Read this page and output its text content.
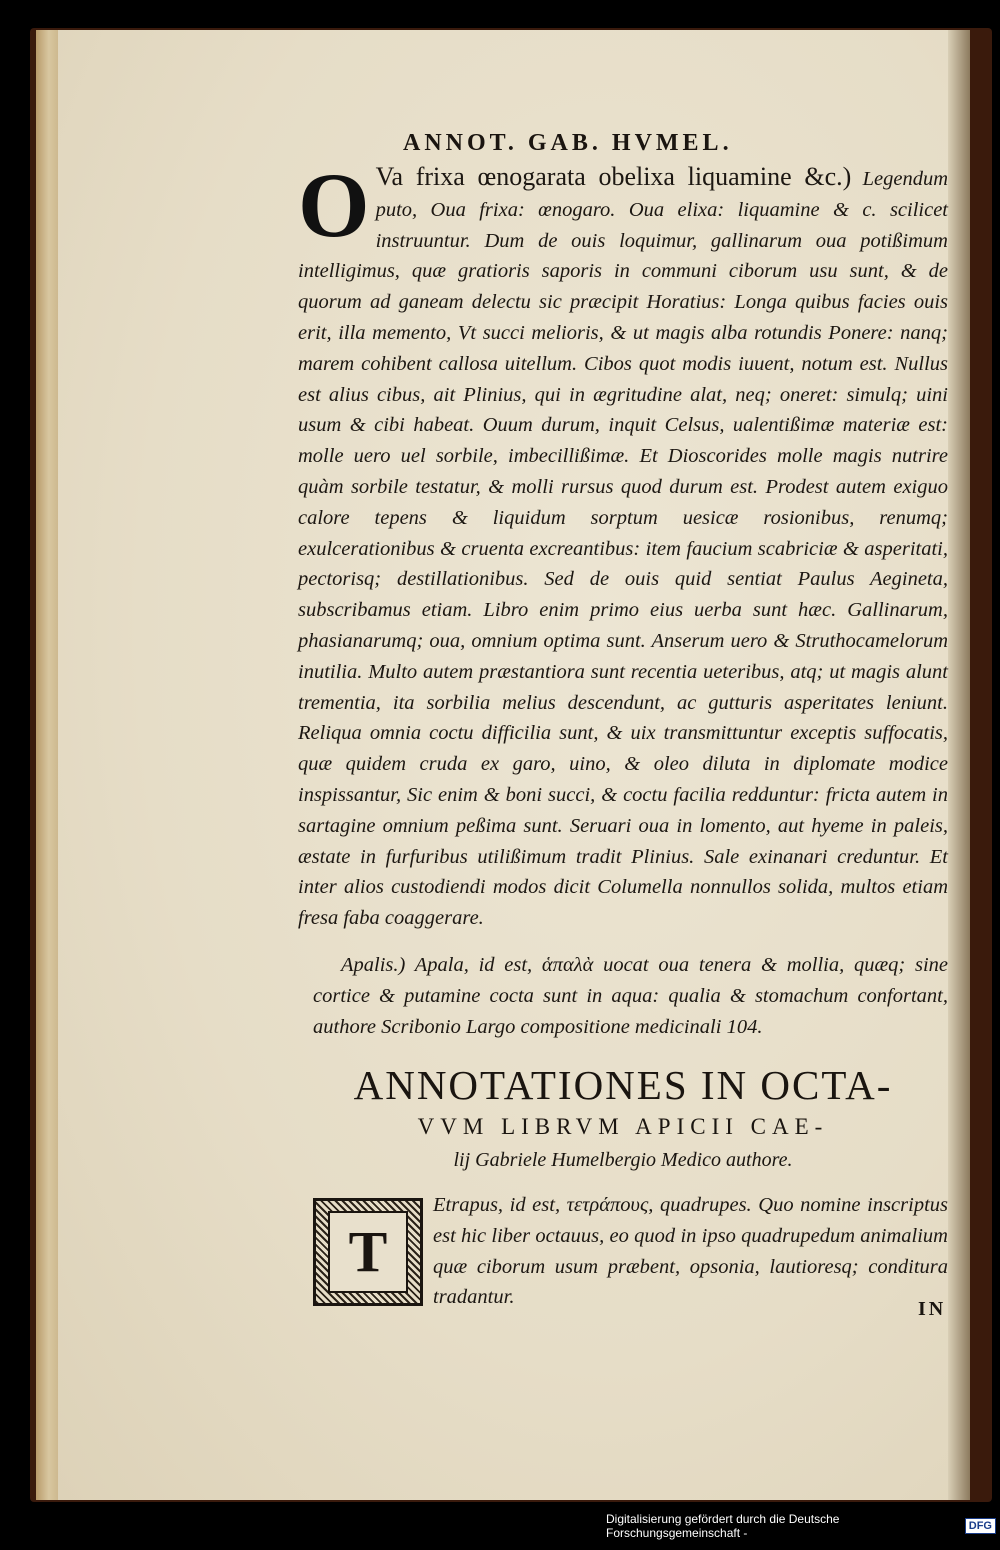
ANNOT. GAB. HVMEL.
O Va frixa œnogarata obelixa liquamine &c.) Legendum puto, Oua frixa: œnogaro. Oua elixa: liquamine & c. scilicet instruuntur. Dum de ouis loquimur, gallinarum oua potißimum intelligimus, quæ gratioris saporis in communi ciborum usu sunt, & de quorum ad ganeam delectu sic præcipit Horatius: Longa quibus facies ouis erit, illa memento, Vt succi melioris, & ut magis alba rotundis Ponere: nanq; marem cohibent callosa uitellum. Cibos quot modis iuuent, notum est. Nullus est alius cibus, ait Plinius, qui in ægritudine alat, neq; oneret: simulq; uini usum & cibi habeat. Ouum durum, inquit Celsus, ualentißimæ materiæ est: molle uero uel sorbile, imbecillißimæ. Et Dioscorides molle magis nutrire quàm sorbile testatur, & molli rursus quod durum est. Prodest autem exiguo calore tepens & liquidum sorptum uesicæ rosionibus, renumq; exulcerationibus & cruenta excreantibus: item faucium scabriciæ & asperitati, pectorisq; destillationibus. Sed de ouis quid sentiat Paulus Aegineta, subscribamus etiam. Libro enim primo eius uerba sunt hæc. Gallinarum, phasianarumq; oua, omnium optima sunt. Anserum uero & Struthocamelorum inutilia. Multo autem præstantiora sunt recentia ueteribus, atq; ut magis alunt trementia, ita sorbilia melius descendunt, ac gutturis asperitates leniunt. Reliqua omnia coctu difficilia sunt, & uix transmittuntur exceptis suffocatis, quæ quidem cruda ex garo, uino, & oleo diluta in diplomate modice inspissantur, Sic enim & boni succi, & coctu facilia redduntur: fricta autem in sartagine omnium peßima sunt. Seruari oua in lomento, aut hyeme in paleis, æstate in furfuribus utilißimum tradit Plinius. Sale exinanari creduntur. Et inter alios custodiendi modos dicit Columella nonnullos solida, multos etiam fresa faba coaggerare.

Apalis.) Apala, id est, ἁπαλὰ uocat oua tenera & mollia, quæq; sine cortice & putamine cocta sunt in aqua: qualia & stomachum confortant, authore Scribonio Largo compositione medicinali 104.

ANNOTATIONES IN OCTA-
VVM LIBRVM APICII CAE-
lij Gabriele Humelbergio Medico authore.
T

Etrapus, id est, τετράπους, quadrupes. Quo nomine inscriptus est hic liber octauus, eo quod in ipso quadrupedum animalium quæ ciborum usum præbent, opsonia, lautioresq; conditura tradantur.

IN
Digitalisierung gefördert durch die Deutsche Forschungsgemeinschaft -	DFG
